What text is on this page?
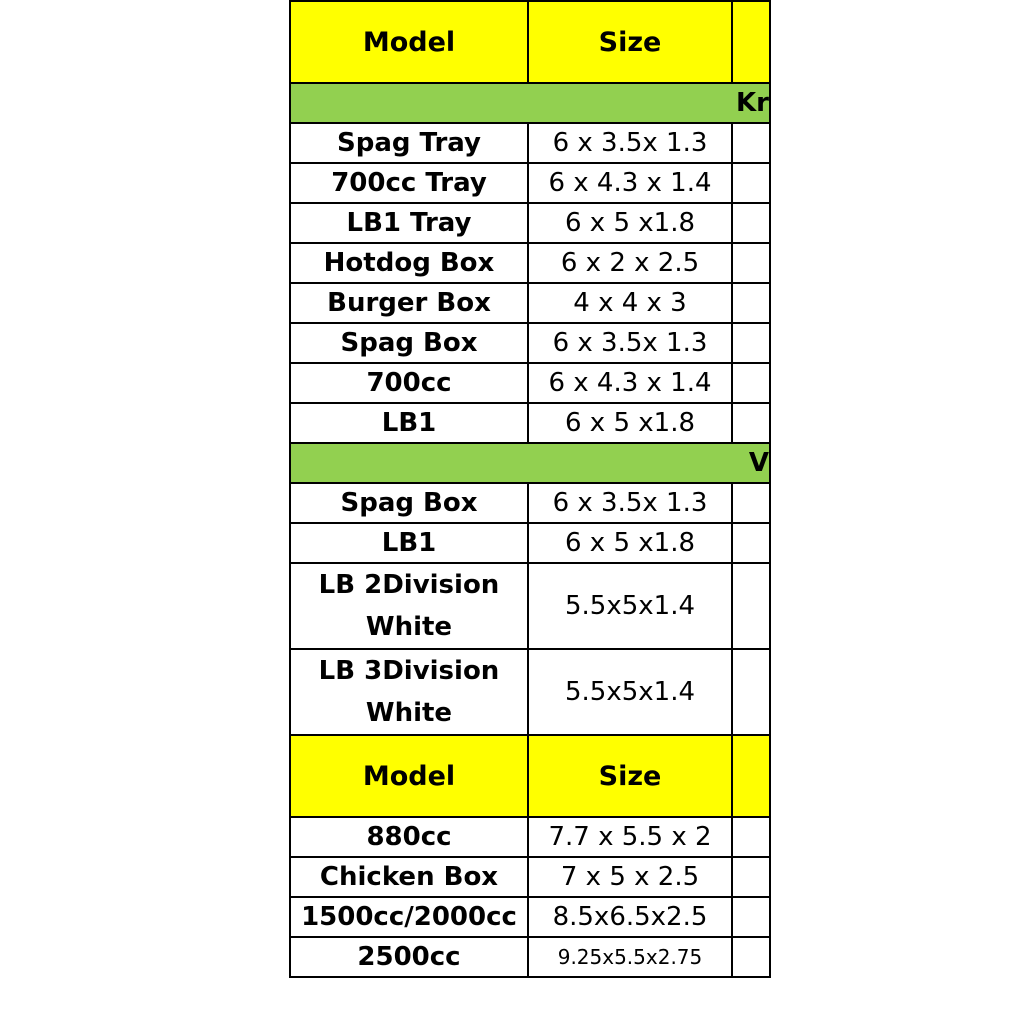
Model	Size	
Kr		
Spag Tray	6 x 3.5x 1.3	
700cc Tray	6 x 4.3 x 1.4	
LB1 Tray	6 x 5 x1.8	
Hotdog Box	6 x 2 x 2.5	
Burger Box	4 x 4 x 3	
Spag Box	6 x 3.5x 1.3	
700cc	6 x 4.3 x 1.4	
LB1	6 x 5 x1.8	
V		
Spag Box	6 x 3.5x 1.3	
LB1	6 x 5 x1.8	
LB 2Division White	5.5x5x1.4	
LB 3Division White	5.5x5x1.4	
Model	Size	
880cc	7.7 x 5.5 x 2	
Chicken Box	7 x 5 x 2.5	
1500cc/2000cc	8.5x6.5x2.5	
2500cc	9.25x5.5x2.75	
